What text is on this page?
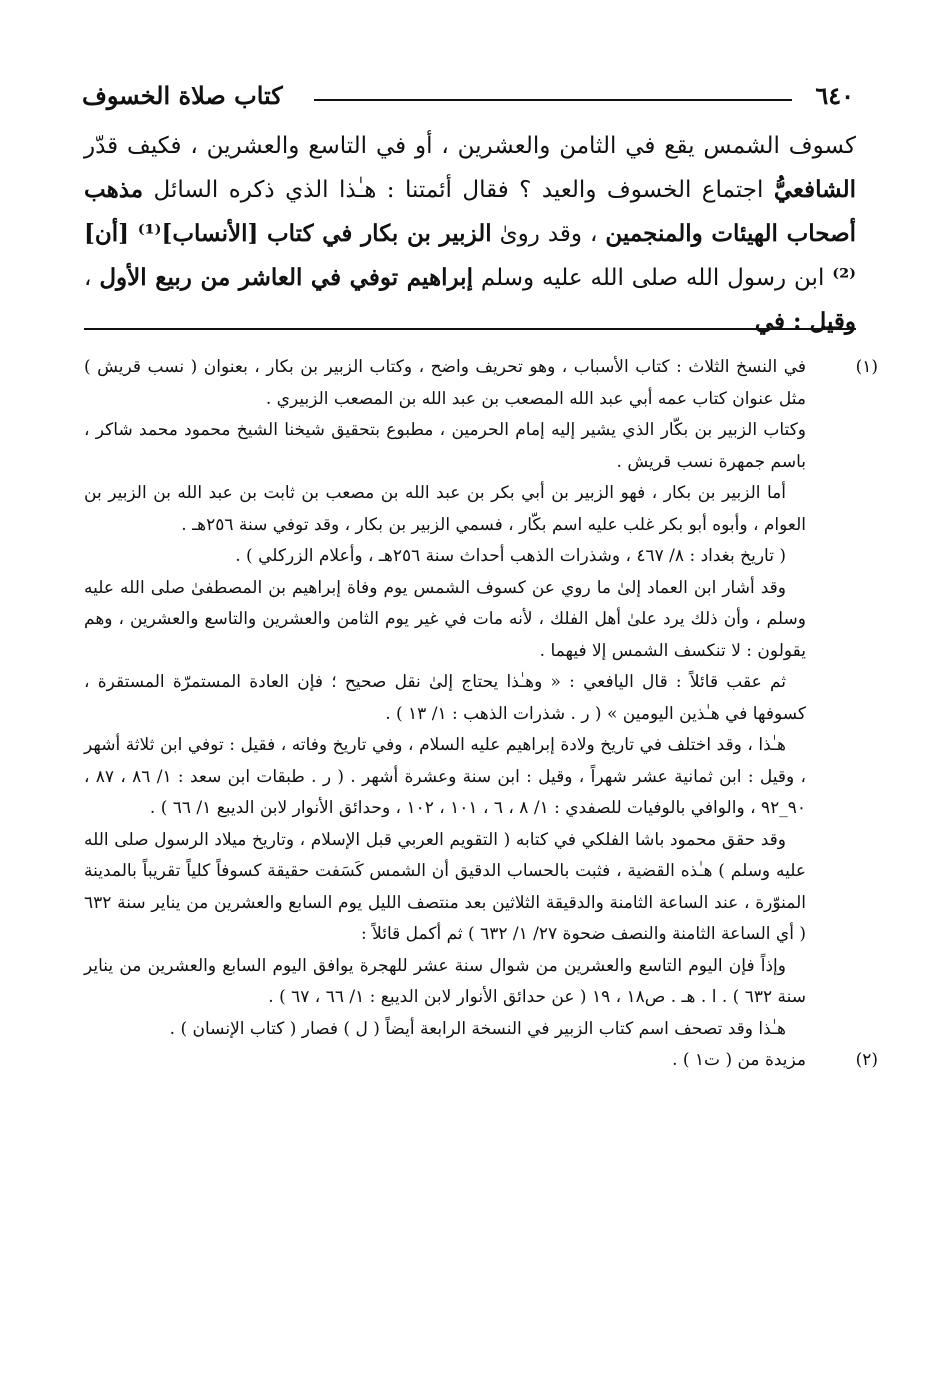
٦٤٠
كتاب صلاة الخسوف

كسوف الشمس يقع في الثامن والعشرين ، أو في التاسع والعشرين ، فكيف قدّر الشافعيُّ اجتماع الخسوف والعيد ؟ فقال أئمتنا : هـٰذا الذي ذكره السائل مذهب أصحاب الهيئات والمنجمين ، وقد روىٰ الزبير بن بكار في كتاب [الأنساب]⁽¹⁾ [أن]⁽²⁾ ابن رسول الله صلى الله عليه وسلم إبراهيم توفي في العاشر من ربيع الأول ، وقيل : في

(١)

في النسخ الثلاث : كتاب الأسباب ، وهو تحريف واضح ، وكتاب الزبير بن بكار ، بعنوان ( نسب قريش ) مثل عنوان كتاب عمه أبي عبد الله المصعب بن عبد الله بن المصعب الزبيري .

وكتاب الزبير بن بكّار الذي يشير إليه إمام الحرمين ، مطبوع بتحقيق شيخنا الشيخ محمود محمد شاكر ، باسم جمهرة نسب قريش .

أما الزبير بن بكار ، فهو الزبير بن أبي بكر بن عبد الله بن مصعب بن ثابت بن عبد الله بن الزبير بن العوام ، وأبوه أبو بكر غلب عليه اسم بكّار ، فسمي الزبير بن بكار ، وقد توفي سنة ٢٥٦هـ .

( تاريخ بغداد : ٨/ ٤٦٧ ، وشذرات الذهب أحداث سنة ٢٥٦هـ ، وأعلام الزركلي ) .

وقد أشار ابن العماد إلىٰ ما روي عن كسوف الشمس يوم وفاة إبراهيم بن المصطفىٰ صلى الله عليه وسلم ، وأن ذلك يرد علىٰ أهل الفلك ، لأنه مات في غير يوم الثامن والعشرين والتاسع والعشرين ، وهم يقولون : لا تنكسف الشمس إلا فيهما .

ثم عقب قائلاً : قال اليافعي : « وهـٰذا يحتاج إلىٰ نقل صحيح ؛ فإن العادة المستمرّة المستقرة ، كسوفها في هـٰذين اليومين » ( ر . شذرات الذهب : ١/ ١٣ ) .

هـٰذا ، وقد اختلف في تاريخ ولادة إبراهيم عليه السلام ، وفي تاريخ وفاته ، فقيل : توفي ابن ثلاثة أشهر ، وقيل : ابن ثمانية عشر شهراً ، وقيل : ابن سنة وعشرة أشهر . ( ر . طبقات ابن سعد : ١/ ٨٦ ، ٨٧ ، ٩٠_٩٢ ، والوافي بالوفيات للصفدي : ١/ ٨ ، ٦ ، ١٠١ ، ١٠٢ ، وحدائق الأنوار لابن الديبع ١/ ٦٦ ) .

وقد حقق محمود باشا الفلكي في كتابه ( التقويم العربي قبل الإسلام ، وتاريخ ميلاد الرسول صلى الله عليه وسلم ) هـٰذه القضية ، فثبت بالحساب الدقيق أن الشمس كَسَفت حقيقة كسوفاً كلياً تقريباً بالمدينة المنوّرة ، عند الساعة الثامنة والدقيقة الثلاثين بعد منتصف الليل يوم السابع والعشرين من يناير سنة ٦٣٢ ( أي الساعة الثامنة والنصف ضحوة ٢٧/ ١/ ٦٣٢ ) ثم أكمل قائلاً :

وإذاً فإن اليوم التاسع والعشرين من شوال سنة عشر للهجرة يوافق اليوم السابع والعشرين من يناير سنة ٦٣٢ ) . ا . هـ . ص١٨ ، ١٩ ( عن حدائق الأنوار لابن الديبع : ١/ ٦٦ ، ٦٧ ) .

هـٰذا وقد تصحف اسم كتاب الزبير في النسخة الرابعة أيضاً ( ل ) فصار ( كتاب الإنسان ) .

(٢)

مزيدة من ( ت١ ) .
